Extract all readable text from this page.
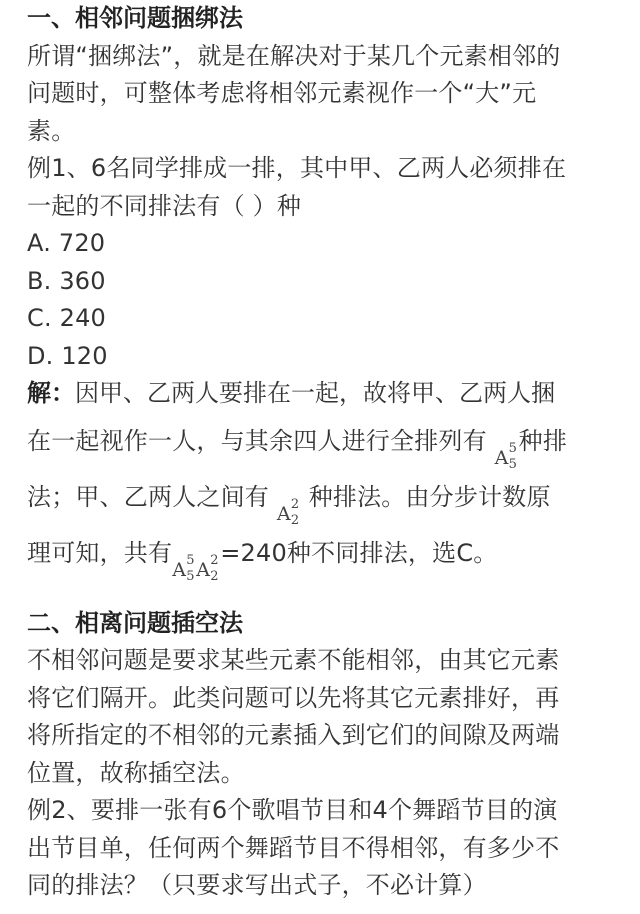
一、相邻问题捆绑法
所谓“捆绑法”，就是在解决对于某几个元素相邻的
问题时，可整体考虑将相邻元素视作一个“大”元
素。
例1、6名同学排成一排，其中甲、乙两人必须排在
一起的不同排法有（ ）种
A. 720
B. 360
C. 240
D. 120
解：因甲、乙两人要排在一起，故将甲、乙两人捆
在一起视作一人，与其余四人进行全排列有
A 5
5
种排
法；甲、乙两人之间有
A 2
2
种排法。由分步计数原
理可知，共有
A 5
5 A 2
2
=240种不同排法，选C。
二、相离问题插空法
不相邻问题是要求某些元素不能相邻，由其它元素
将它们隔开。此类问题可以先将其它元素排好，再
将所指定的不相邻的元素插入到它们的间隙及两端
位置，故称插空法。
例2、要排一张有6个歌唱节目和4个舞蹈节目的演
出节目单，任何两个舞蹈节目不得相邻，有多少不
同的排法？（只要求写出式子，不必计算）
